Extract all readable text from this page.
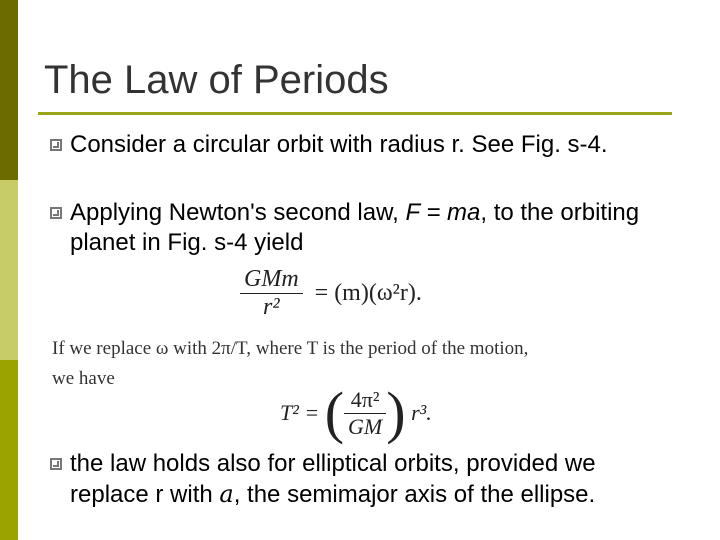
The Law of Periods
Consider a circular orbit with radius r. See Fig. s-4.
Applying Newton's second law, F = ma, to the orbiting planet in Fig. s-4 yield
$\frac{\text{GMm}}{\text{r²}} = (m)(\omega^2r)$.
If we replace ω with 2π/T, where T is the period of the motion,
we have
T² = ( $\frac{\text{4π²}}{GM}$ ) r³.
the law holds also for elliptical orbits, provided we replace r with a, the semimajor axis of the ellipse.
